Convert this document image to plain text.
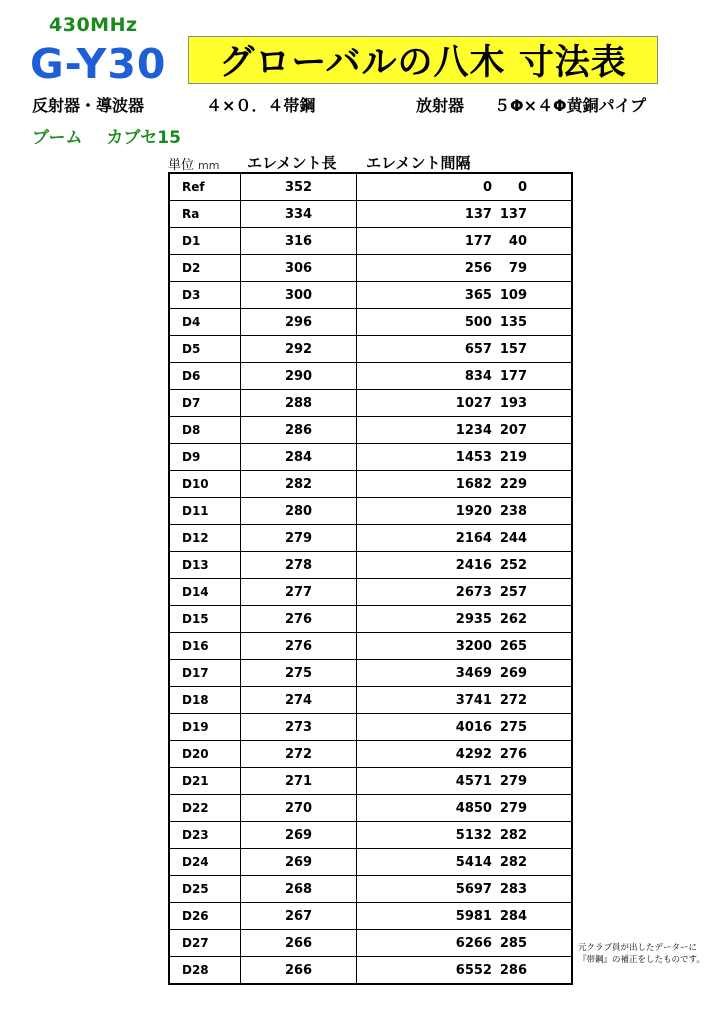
430MHz
G-Y30 グローバルの八木 寸法表
反射器・導波器	４×０．４帯鋼	放射器 ５Φ×４Φ黄銅パイプ
ブーム カブセ15
単位 mm エレメント長 エレメント間隔
Ref	352	0 0

Ra	334	137 137

D1	316	177 40

D2	306	256 79

D3	300	365 109

D4	296	500 135

D5	292	657 157

D6	290	834 177

D7	288	1027 193

D8	286	1234 207

D9	284	1453 219

D10	282	1682 229

D11	280	1920 238

D12	279	2164 244

D13	278	2416 252

D14	277	2673 257

D15	276	2935 262

D16	276	3200 265

D17	275	3469 269

D18	274	3741 272

D19	273	4016 275

D20	272	4292 276

D21	271	4571 279

D22	270	4850 279

D23	269	5132 282

D24	269	5414 282

D25	268	5697 283

D26	267	5981 284

D27	266	6266 285

D28	266	6552 286
元クラブ員が出したデーターに
『帯鋼』の補正をしたものです。
